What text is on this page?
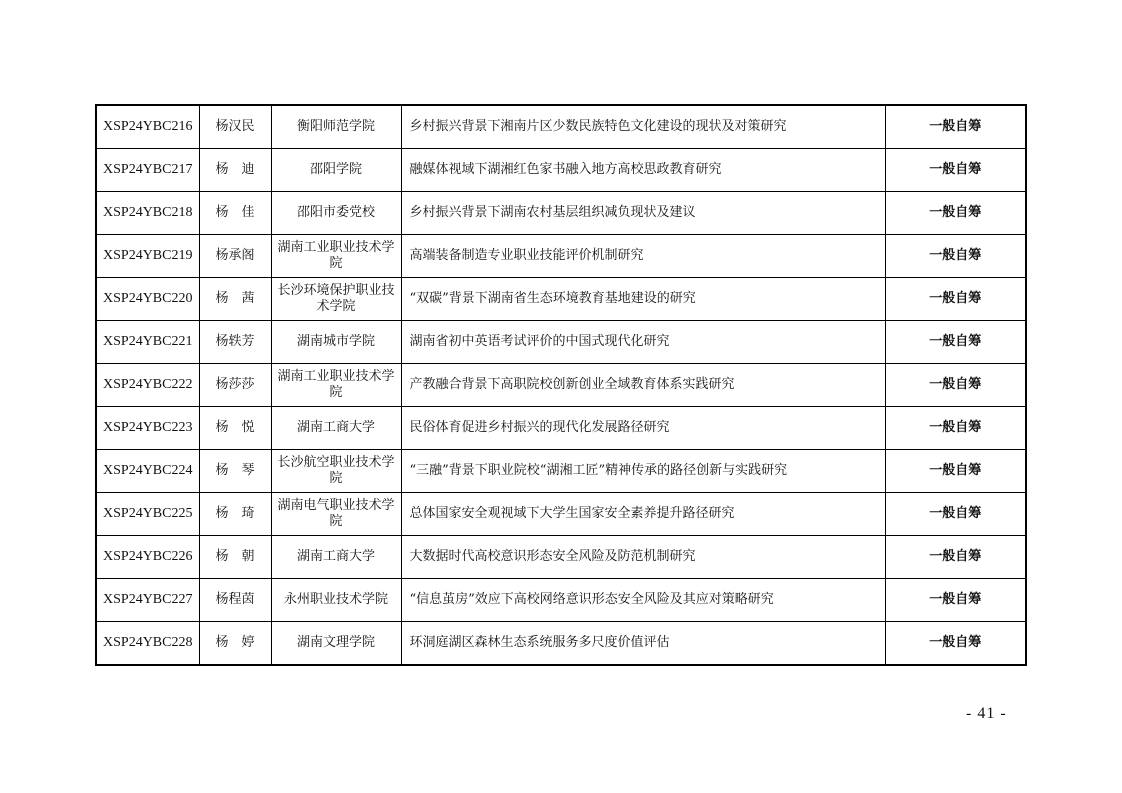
XSP24YBC216	杨汉民	衡阳师范学院	乡村振兴背景下湘南片区少数民族特色文化建设的现状及对策研究	一般自筹
XSP24YBC217	杨　迪	邵阳学院	融媒体视域下湖湘红色家书融入地方高校思政教育研究	一般自筹
XSP24YBC218	杨　佳	邵阳市委党校	乡村振兴背景下湖南农村基层组织减负现状及建议	一般自筹
XSP24YBC219	杨承阁	湖南工业职业技术学院	高端装备制造专业职业技能评价机制研究	一般自筹
XSP24YBC220	杨　茜	长沙环境保护职业技术学院	“双碳”背景下湖南省生态环境教育基地建设的研究	一般自筹
XSP24YBC221	杨轶芳	湖南城市学院	湖南省初中英语考试评价的中国式现代化研究	一般自筹
XSP24YBC222	杨莎莎	湖南工业职业技术学院	产教融合背景下高职院校创新创业全域教育体系实践研究	一般自筹
XSP24YBC223	杨　悦	湖南工商大学	民俗体育促进乡村振兴的现代化发展路径研究	一般自筹
XSP24YBC224	杨　琴	长沙航空职业技术学院	“三融”背景下职业院校“湖湘工匠”精神传承的路径创新与实践研究	一般自筹
XSP24YBC225	杨　琦	湖南电气职业技术学院	总体国家安全观视域下大学生国家安全素养提升路径研究	一般自筹
XSP24YBC226	杨　朝	湖南工商大学	大数据时代高校意识形态安全风险及防范机制研究	一般自筹
XSP24YBC227	杨程茵	永州职业技术学院	“信息茧房”效应下高校网络意识形态安全风险及其应对策略研究	一般自筹
XSP24YBC228	杨　婷	湖南文理学院	环洞庭湖区森林生态系统服务多尺度价值评估	一般自筹
- 41 -
